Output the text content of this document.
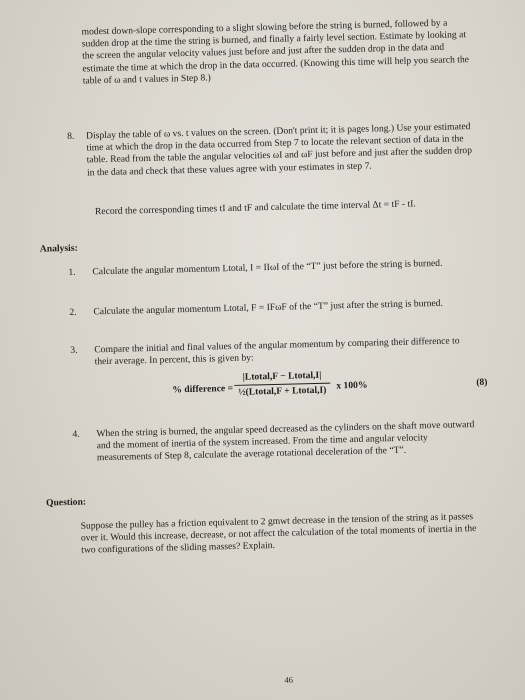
modest down-slope corresponding to a slight slowing before the string is burned, followed by a sudden drop at the time the string is burned, and finally a fairly level section. Estimate by looking at the screen the angular velocity values just before and just after the sudden drop in the data and estimate the time at which the drop in the data occurred. (Knowing this time will help you search the table of ω and t values in Step 8.)

8. Display the table of ω vs. t values on the screen. (Don't print it; it is pages long.) Use your estimated time at which the drop in the data occurred from Step 7 to locate the relevant section of data in the table. Read from the table the angular velocities ωI and ωF just before and just after the sudden drop in the data and check that these values agree with your estimates in step 7.

Record the corresponding times tI and tF and calculate the time interval Δt = tF - tI.

Analysis:

1. Calculate the angular momentum Ltotal, I = IIωI of the “T” just before the string is burned.

2. Calculate the angular momentum Ltotal, F = IFωF of the “T” just after the string is burned.

3. Compare the initial and final values of the angular momentum by comparing their difference to their average. In percent, this is given by:

% difference =
|Ltotal,F − Ltotal,I|
½(Ltotal,F + Ltotal,I)	x 100%	(8)
4. When the string is burned, the angular speed decreased as the cylinders on the shaft move outward and the moment of inertia of the system increased. From the time and angular velocity measurements of Step 8, calculate the average rotational deceleration of the “T”.

Question:

Suppose the pulley has a friction equivalent to 2 gmwt decrease in the tension of the string as it passes over it. Would this increase, decrease, or not affect the calculation of the total moments of inertia in the two configurations of the sliding masses? Explain.

46
